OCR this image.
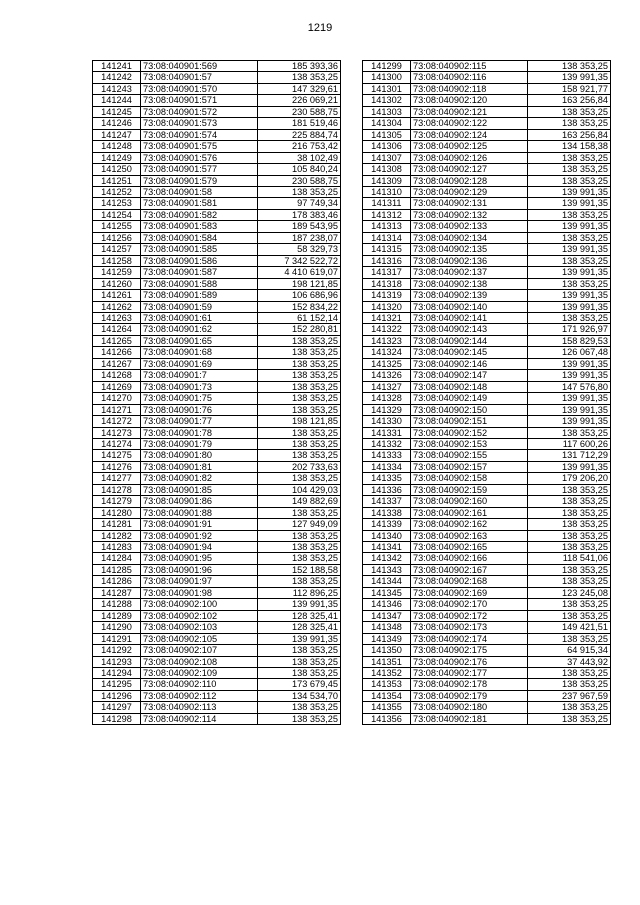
1219
141241	73:08:040901:569	185 393,36
141242	73:08:040901:57	138 353,25
141243	73:08:040901:570	147 329,61
141244	73:08:040901:571	226 069,21
141245	73:08:040901:572	230 588,75
141246	73:08:040901:573	181 519,46
141247	73:08:040901:574	225 884,74
141248	73:08:040901:575	216 753,42
141249	73:08:040901:576	38 102,49
141250	73:08:040901:577	105 840,24
141251	73:08:040901:579	230 588,75
141252	73:08:040901:58	138 353,25
141253	73:08:040901:581	97 749,34
141254	73:08:040901:582	178 383,46
141255	73:08:040901:583	189 543,95
141256	73:08:040901:584	187 238,07
141257	73:08:040901:585	58 329,73
141258	73:08:040901:586	7 342 522,72
141259	73:08:040901:587	4 410 619,07
141260	73:08:040901:588	198 121,85
141261	73:08:040901:589	106 686,96
141262	73:08:040901:59	152 834,22
141263	73:08:040901:61	61 152,14
141264	73:08:040901:62	152 280,81
141265	73:08:040901:65	138 353,25
141266	73:08:040901:68	138 353,25
141267	73:08:040901:69	138 353,25
141268	73:08:040901:7	138 353,25
141269	73:08:040901:73	138 353,25
141270	73:08:040901:75	138 353,25
141271	73:08:040901:76	138 353,25
141272	73:08:040901:77	198 121,85
141273	73:08:040901:78	138 353,25
141274	73:08:040901:79	138 353,25
141275	73:08:040901:80	138 353,25
141276	73:08:040901:81	202 733,63
141277	73:08:040901:82	138 353,25
141278	73:08:040901:85	104 429,03
141279	73:08:040901:86	149 882,69
141280	73:08:040901:88	138 353,25
141281	73:08:040901:91	127 949,09
141282	73:08:040901:92	138 353,25
141283	73:08:040901:94	138 353,25
141284	73:08:040901:95	138 353,25
141285	73:08:040901:96	152 188,58
141286	73:08:040901:97	138 353,25
141287	73:08:040901:98	112 896,25
141288	73:08:040902:100	139 991,35
141289	73:08:040902:102	128 325,41
141290	73:08:040902:103	128 325,41
141291	73:08:040902:105	139 991,35
141292	73:08:040902:107	138 353,25
141293	73:08:040902:108	138 353,25
141294	73:08:040902:109	138 353,25
141295	73:08:040902:110	173 679,45
141296	73:08:040902:112	134 534,70
141297	73:08:040902:113	138 353,25
141298	73:08:040902:114	138 353,25
141299	73:08:040902:115	138 353,25
141300	73:08:040902:116	139 991,35
141301	73:08:040902:118	158 921,77
141302	73:08:040902:120	163 256,84
141303	73:08:040902:121	138 353,25
141304	73:08:040902:122	138 353,25
141305	73:08:040902:124	163 256,84
141306	73:08:040902:125	134 158,38
141307	73:08:040902:126	138 353,25
141308	73:08:040902:127	138 353,25
141309	73:08:040902:128	138 353,25
141310	73:08:040902:129	139 991,35
141311	73:08:040902:131	139 991,35
141312	73:08:040902:132	138 353,25
141313	73:08:040902:133	139 991,35
141314	73:08:040902:134	138 353,25
141315	73:08:040902:135	139 991,35
141316	73:08:040902:136	138 353,25
141317	73:08:040902:137	139 991,35
141318	73:08:040902:138	138 353,25
141319	73:08:040902:139	139 991,35
141320	73:08:040902:140	139 991,35
141321	73:08:040902:141	138 353,25
141322	73:08:040902:143	171 926,97
141323	73:08:040902:144	158 829,53
141324	73:08:040902:145	126 067,48
141325	73:08:040902:146	139 991,35
141326	73:08:040902:147	139 991,35
141327	73:08:040902:148	147 576,80
141328	73:08:040902:149	139 991,35
141329	73:08:040902:150	139 991,35
141330	73:08:040902:151	139 991,35
141331	73:08:040902:152	138 353,25
141332	73:08:040902:153	117 600,26
141333	73:08:040902:155	131 712,29
141334	73:08:040902:157	139 991,35
141335	73:08:040902:158	179 206,20
141336	73:08:040902:159	138 353,25
141337	73:08:040902:160	138 353,25
141338	73:08:040902:161	138 353,25
141339	73:08:040902:162	138 353,25
141340	73:08:040902:163	138 353,25
141341	73:08:040902:165	138 353,25
141342	73:08:040902:166	118 541,06
141343	73:08:040902:167	138 353,25
141344	73:08:040902:168	138 353,25
141345	73:08:040902:169	123 245,08
141346	73:08:040902:170	138 353,25
141347	73:08:040902:172	138 353,25
141348	73:08:040902:173	149 421,51
141349	73:08:040902:174	138 353,25
141350	73:08:040902:175	64 915,34
141351	73:08:040902:176	37 443,92
141352	73:08:040902:177	138 353,25
141353	73:08:040902:178	138 353,25
141354	73:08:040902:179	237 967,59
141355	73:08:040902:180	138 353,25
141356	73:08:040902:181	138 353,25
